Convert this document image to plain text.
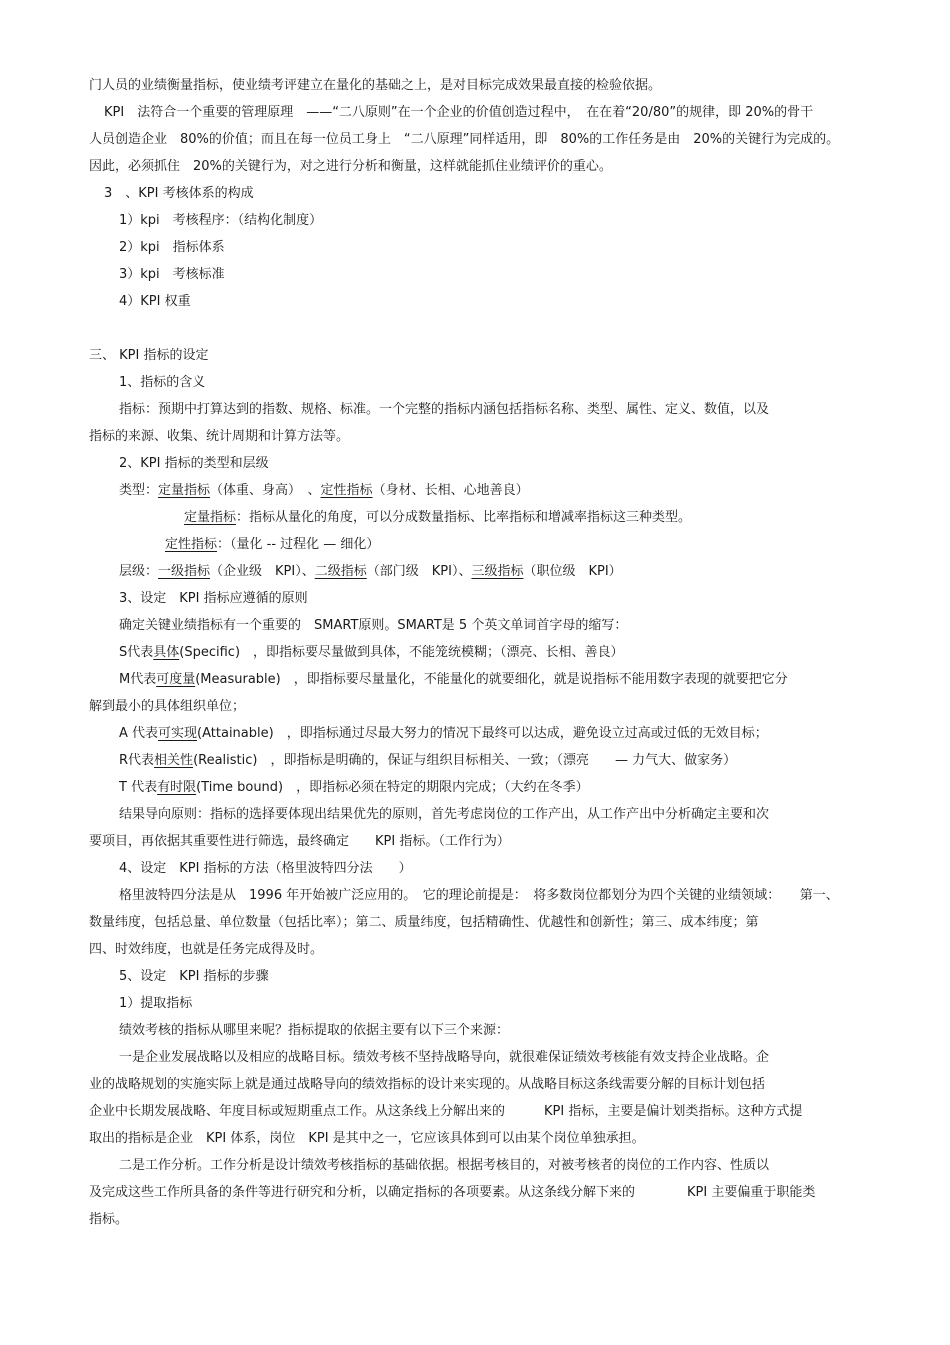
门人员的业绩衡量指标，使业绩考评建立在量化的基础之上，是对目标完成效果最直接的检验依据。
KPI　法符合一个重要的管理原理　——“二八原则”在一个企业的价值创造过程中，　在在着“20/80”的规律，即 20%的骨干
人员创造企业　80%的价值；而且在每一位员工身上　“二八原理”同样适用，即　80%的工作任务是由　20%的关键行为完成的。
因此，必须抓住　20%的关键行为，对之进行分析和衡量，这样就能抓住业绩评价的重心。
3　、KPI 考核体系的构成
1）kpi　考核程序：（结构化制度）
2）kpi　指标体系
3）kpi　考核标准
4）KPI 权重
三、 KPI 指标的设定
1、指标的含义
指标：预期中打算达到的指数、规格、标准。一个完整的指标内涵包括指标名称、类型、属性、定义、数值，以及
指标的来源、收集、统计周期和计算方法等。
2、KPI 指标的类型和层级
类型：定量指标（体重、身高）　、定性指标（身材、长相、心地善良）
定量指标：指标从量化的角度，可以分成数量指标、比率指标和增减率指标这三种类型。
定性指标：（量化 -- 过程化 — 细化）
层级：一级指标（企业级　KPI）、二级指标（部门级　KPI）、三级指标（职位级　KPI）
3、设定　KPI 指标应遵循的原则
确定关键业绩指标有一个重要的　SMART原则。SMART是 5 个英文单词首字母的缩写：
S代表具体(Specific)　，即指标要尽量做到具体，不能笼统模糊；（漂亮、长相、善良）
M代表可度量(Measurable)　，即指标要尽量量化，不能量化的就要细化，就是说指标不能用数字表现的就要把它分
解到最小的具体组织单位；
A 代表可实现(Attainable)　，即指标通过尽最大努力的情况下最终可以达成，避免设立过高或过低的无效目标；
R代表相关性(Realistic)　，即指标是明确的，保证与组织目标相关、一致；（漂亮　　— 力气大、做家务）
T 代表有时限(Time bound)　，即指标必须在特定的期限内完成；（大约在冬季）
结果导向原则：指标的选择要体现出结果优先的原则，首先考虑岗位的工作产出，从工作产出中分析确定主要和次
要项目，再依据其重要性进行筛选，最终确定　　KPI 指标。（工作行为）
4、设定　KPI 指标的方法（格里波特四分法　　）
格里波特四分法是从　1996 年开始被广泛应用的。　它的理论前提是：　将多数岗位都划分为四个关键的业绩领域：　　第一、
数量纬度，包括总量、单位数量（包括比率）；第二、质量纬度，包括精确性、优越性和创新性；第三、成本纬度；第
四、时效纬度，也就是任务完成得及时。
5、设定　KPI 指标的步骤
1）提取指标
绩效考核的指标从哪里来呢？指标提取的依据主要有以下三个来源：
一是企业发展战略以及相应的战略目标。绩效考核不坚持战略导向，就很难保证绩效考核能有效支持企业战略。企
业的战略规划的实施实际上就是通过战略导向的绩效指标的设计来实现的。从战略目标这条线需要分解的目标计划包括
企业中长期发展战略、年度目标或短期重点工作。从这条线上分解出来的　　　KPI 指标，主要是偏计划类指标。这种方式提
取出的指标是企业　KPI 体系，岗位　KPI 是其中之一，它应该具体到可以由某个岗位单独承担。
二是工作分析。工作分析是设计绩效考核指标的基础依据。根据考核目的，对被考核者的岗位的工作内容、性质以
及完成这些工作所具备的条件等进行研究和分析，以确定指标的各项要素。从这条线分解下来的　　　　KPI 主要偏重于职能类
指标。
